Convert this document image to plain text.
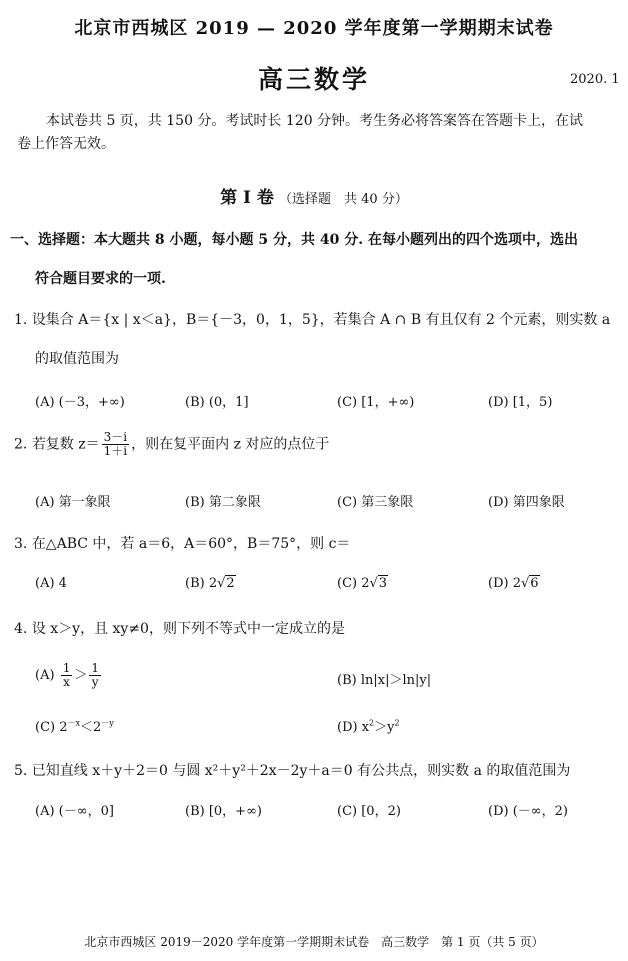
北京市西城区 2019 — 2020 学年度第一学期期末试卷
高三数学	2020. 1
本试卷共 5 页，共 150 分。考试时长 120 分钟。考生务必将答案答在答题卡上，在试
卷上作答无效。
第 Ⅰ 卷 （选择题　共 40 分）
一、选择题：本大题共 8 小题，每小题 5 分，共 40 分. 在每小题列出的四个选项中，选出
符合题目要求的一项.
1. 设集合 A＝{x | x＜a}，B＝{－3，0，1，5}，若集合 A ∩ B 有且仅有 2 个元素，则实数 a
的取值范围为
(A) (－3，+∞)	(B) (0，1]	(C) [1，+∞)	(D) [1，5)
2. 若复数 $z= \frac{3-i}{1+i}$ ，则在复平面内 z 对应的点位于
(A) 第一象限	(B) 第二象限	(C) 第三象限	(D) 第四象限
3. 在△ABC 中，若 a＝6，A＝60°，B＝75°，则 c＝
(A) 4	(B) 2√2	(C) 2√3	(D) 2√6
4. 设 x＞y，且 xy≠0，则下列不等式中一定成立的是
$(A) \frac{1}{x} > \frac{1}{y}$	(B) ln|x|＞ln|y|
(C) $2^{-x}<2^{-y}$	(D) $x^2>y^2$
5. 已知直线 x＋y＋2＝0 与圆 x²＋y²＋2x－2y＋a＝0 有公共点，则实数 a 的取值范围为
(A) (－∞，0]	(B) [0，+∞)	(C) [0，2)	(D) (－∞，2)
北京市西城区 2019－2020 学年度第一学期期末试卷　高三数学　第 1 页（共 5 页）
